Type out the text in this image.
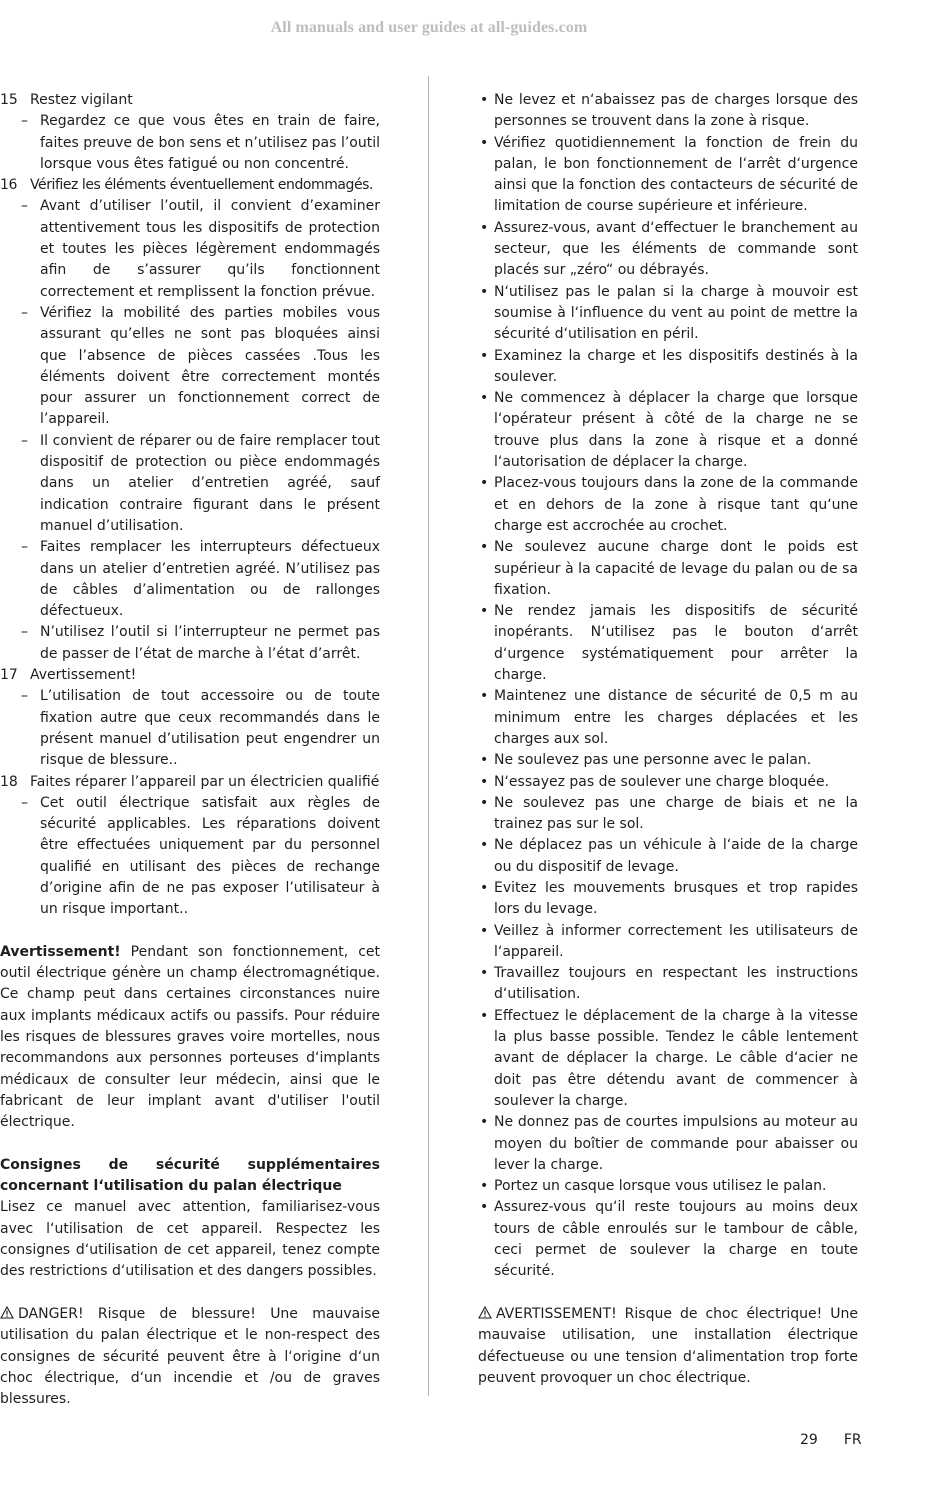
All manuals and user guides at all-guides.com
15 Restez vigilant
– Regardez ce que vous êtes en train de faire, faites preuve de bon sens et n’utilisez pas l’outil lorsque vous êtes fatigué ou non concentré.
16 Vérifiez les éléments éventuellement endommagés.
– Avant d’utiliser l’outil, il convient d’examiner attentivement tous les dispositifs de protection et toutes les pièces légèrement endommagés afin de s’assurer qu’ils fonctionnent correctement et remplissent la fonction prévue.
– Vérifiez la mobilité des parties mobiles vous assurant qu’elles ne sont pas bloquées ainsi que l’absence de pièces cassées .Tous les éléments doivent être correctement montés pour assurer un fonctionnement correct de l’appareil.
– Il convient de réparer ou de faire remplacer tout dispositif de protection ou pièce endommagés dans un atelier d’entretien agréé, sauf indication contraire figurant dans le présent manuel d’utilisation.
– Faites remplacer les interrupteurs défectueux dans un atelier d’entretien agréé. N’utilisez pas de câbles d’alimentation ou de rallonges défectueux.
– N’utilisez l’outil si l’interrupteur ne permet pas de passer de l’état de marche à l’état d’arrêt.
17 Avertissement!
– L’utilisation de tout accessoire ou de toute fixation autre que ceux recommandés dans le présent manuel d’utilisation peut engendrer un risque de blessure..
18 Faites réparer l’appareil par un électricien qualifié
– Cet outil électrique satisfait aux règles de sécurité applicables. Les réparations doivent être effectuées uniquement par du personnel qualifié en utilisant des pièces de rechange d’origine afin de ne pas exposer l’utilisateur à un risque important..
Avertissement! Pendant son fonctionnement, cet outil électrique génère un champ électromagnétique. Ce champ peut dans certaines circonstances nuire aux implants médicaux actifs ou passifs. Pour réduire les risques de blessures graves voire mortelles, nous recommandons aux personnes porteuses d‘implants médicaux de consulter leur médecin, ainsi que le fabricant de leur implant avant d'utiliser l'outil électrique.
Consignes de sécurité supplémentaires concernant l‘utilisation du palan électrique
Lisez ce manuel avec attention, familiarisez-vous avec l‘utilisation de cet appareil. Respectez les consignes d‘utilisation de cet appareil, tenez compte des restrictions d‘utilisation et des dangers possibles.
DANGER! Risque de blessure! Une mauvaise utilisation du palan électrique et le non-respect des consignes de sécurité peuvent être à l‘origine d‘un choc électrique, d‘un incendie et /ou de graves blessures.
• Ne levez et n‘abaissez pas de charges lorsque des personnes se trouvent dans la zone à risque.
• Vérifiez quotidiennement la fonction de frein du palan, le bon fonctionnement de l‘arrêt d‘urgence ainsi que la fonction des contacteurs de sécurité de limitation de course supérieure et inférieure.
• Assurez-vous, avant d‘effectuer le branchement au secteur, que les éléments de commande sont placés sur „zéro“ ou débrayés.
• N‘utilisez pas le palan si la charge à mouvoir est soumise à l‘influence du vent au point de mettre la sécurité d‘utilisation en péril.
• Examinez la charge et les dispositifs destinés à la soulever.
• Ne commencez à déplacer la charge que lorsque l‘opérateur présent à côté de la charge ne se trouve plus dans la zone à risque et a donné l‘autorisation de déplacer la charge.
• Placez-vous toujours dans la zone de la commande et en dehors de la zone à risque tant qu‘une charge est accrochée au crochet.
• Ne soulevez aucune charge dont le poids est supérieur à la capacité de levage du palan ou de sa fixation.
• Ne rendez jamais les dispositifs de sécurité inopérants. N‘utilisez pas le bouton d‘arrêt d‘urgence systématiquement pour arrêter la charge.
• Maintenez une distance de sécurité de 0,5 m au minimum entre les charges déplacées et les charges aux sol.
• Ne soulevez pas une personne avec le palan.
• N‘essayez pas de soulever une charge bloquée.
• Ne soulevez pas une charge de biais et ne la trainez pas sur le sol.
• Ne déplacez pas un véhicule à l‘aide de la charge ou du dispositif de levage.
• Evitez les mouvements brusques et trop rapides lors du levage.
• Veillez à informer correctement les utilisateurs de l‘appareil.
• Travaillez toujours en respectant les instructions d‘utilisation.
• Effectuez le déplacement de la charge à la vitesse la plus basse possible. Tendez le câble lentement avant de déplacer la charge. Le câble d‘acier ne doit pas être détendu avant de commencer à soulever la charge.
• Ne donnez pas de courtes impulsions au moteur au moyen du boîtier de commande pour abaisser ou lever la charge.
• Portez un casque lorsque vous utilisez le palan.
• Assurez-vous qu‘il reste toujours au moins deux tours de câble enroulés sur le tambour de câble, ceci permet de soulever la charge en toute sécurité.
AVERTISSEMENT! Risque de choc électrique! Une mauvaise utilisation, une installation électrique défectueuse ou une tension d‘alimentation trop forte peuvent provoquer un choc électrique.
29 FR
